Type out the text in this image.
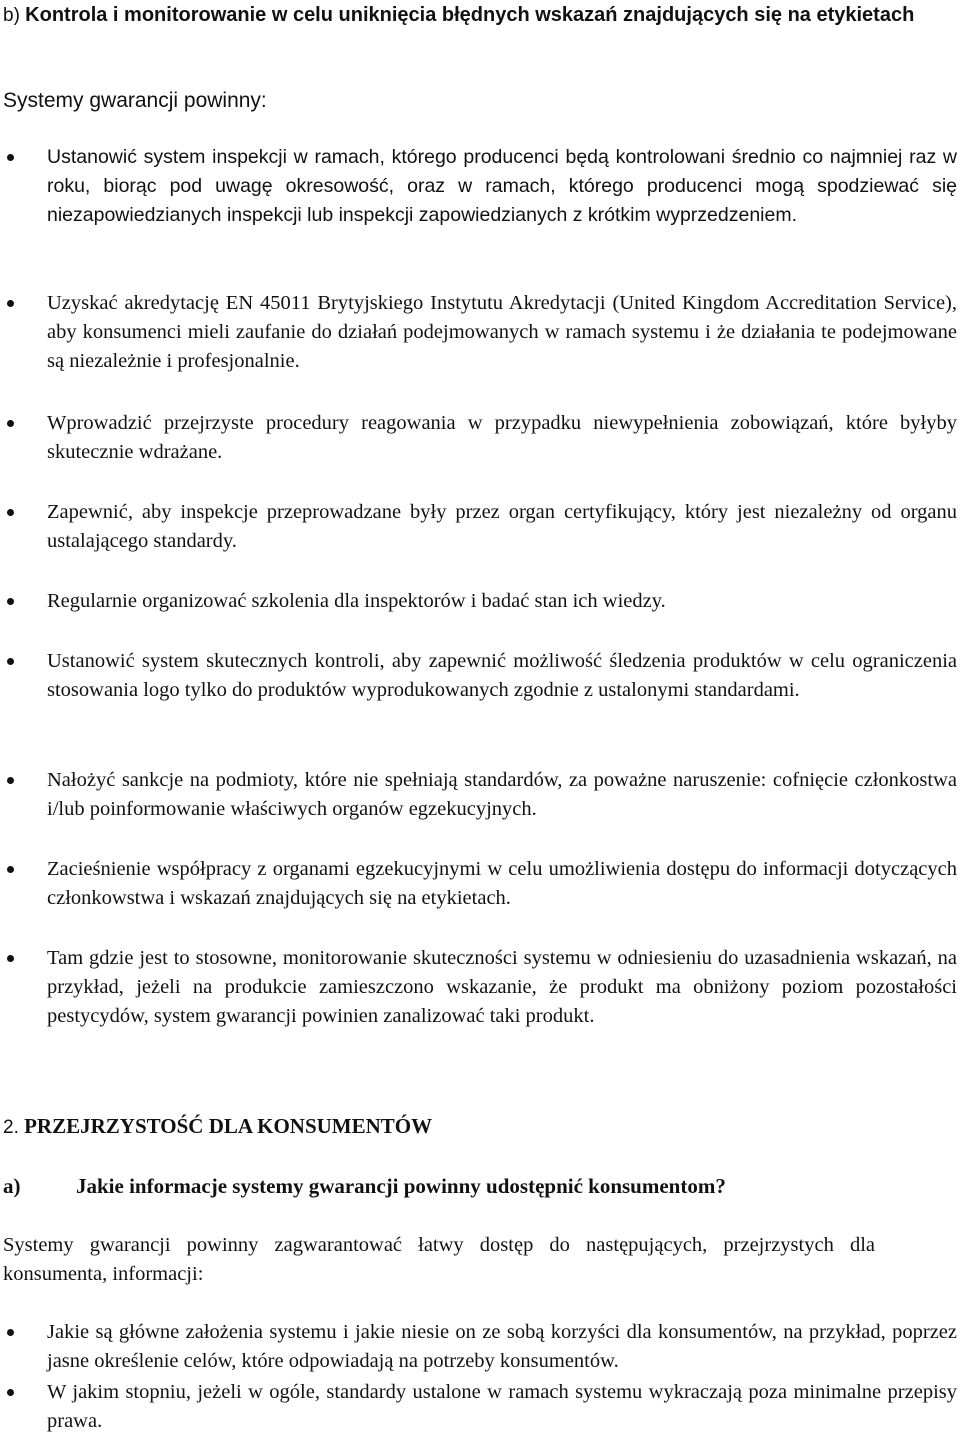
b) Kontrola i monitorowanie w celu uniknięcia błędnych wskazań znajdujących się na etykietach
Systemy gwarancji powinny:
Ustanowić system inspekcji w ramach, którego producenci będą kontrolowani średnio co najmniej raz w roku, biorąc pod uwagę okresowość, oraz w ramach, którego producenci mogą spodziewać się niezapowiedzianych inspekcji lub inspekcji zapowiedzianych z krótkim wyprzedzeniem.
Uzyskać akredytację EN 45011 Brytyjskiego Instytutu Akredytacji (United Kingdom Accreditation Service), aby konsumenci mieli zaufanie do działań podejmowanych w ramach systemu i że działania te podejmowane są niezależnie i profesjonalnie.
Wprowadzić przejrzyste procedury reagowania w przypadku niewypełnienia zobowiązań, które byłyby skutecznie wdrażane.
Zapewnić, aby inspekcje przeprowadzane były przez organ certyfikujący, który jest niezależny od organu ustalającego standardy.
Regularnie organizować szkolenia dla inspektorów i badać stan ich wiedzy.
Ustanowić system skutecznych kontroli, aby zapewnić możliwość śledzenia produktów w celu ograniczenia stosowania logo tylko do produktów wyprodukowanych zgodnie z ustalonymi standardami.
Nałożyć sankcje na podmioty, które nie spełniają standardów, za poważne naruszenie: cofnięcie członkostwa i/lub poinformowanie właściwych organów egzekucyjnych.
Zacieśnienie współpracy z organami egzekucyjnymi w celu umożliwienia dostępu do informacji dotyczących członkowstwa i wskazań znajdujących się na etykietach.
Tam gdzie jest to stosowne, monitorowanie skuteczności systemu w odniesieniu do uzasadnienia wskazań, na przykład, jeżeli na produkcie zamieszczono wskazanie, że produkt ma obniżony poziom pozostałości pestycydów, system gwarancji powinien zanalizować taki produkt.
2. PRZEJRZYSTOŚĆ DLA KONSUMENTÓW
a)	Jakie informacje systemy gwarancji powinny udostępnić konsumentom?
Systemy gwarancji powinny zagwarantować łatwy dostęp do następujących, przejrzystych dla konsumenta, informacji:
Jakie są główne założenia systemu i jakie niesie on ze sobą korzyści dla konsumentów, na przykład, poprzez jasne określenie celów, które odpowiadają na potrzeby konsumentów.
W jakim stopniu, jeżeli w ogóle, standardy ustalone w ramach systemu wykraczają poza minimalne przepisy prawa.
